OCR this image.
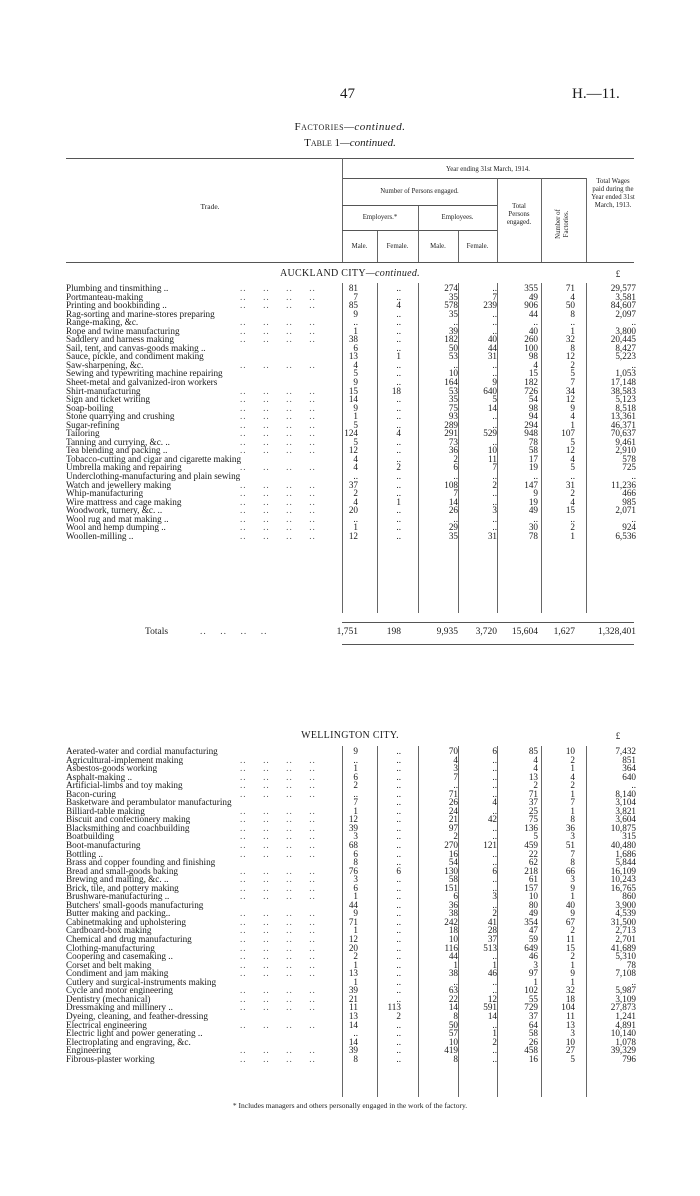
47	H.—11.
Factories—continued.
Table 1—continued.
Trade.
Year ending 31st March, 1914.
Number of Persons engaged.
Employers.*	Employees.
Male.	Female.	Male.	Female.
Total Persons engaged.	Number of Factories.
Total Wages paid during the Year ended 31st March, 1913.
AUCKLAND CITY—continued.	£
Plumbing and tinsmithing ..	..     ..     ..     ..	81	..	274	..	355	71	29,577
Portmanteau-making	..     ..     ..     ..	7	..	35	7	49	4	3,581
Printing and bookbinding ..	..     ..     ..     ..	85	4	578	239	906	50	84,607
Rag-sorting and marine-stores preparing	9	..	35	..	44	8	2,097
Range-making, &c.	..     ..     ..     ..	..	..	..	..	..	..	..
Rope and twine manufacturing	..     ..     ..     ..	1	..	39	..	40	1	3,800
Saddlery and harness making	..     ..     ..     ..	38	..	182	40	260	32	20,445
Sail, tent, and canvas-goods making ..	6	..	50	44	100	8	8,427
Sauce, pickle, and condiment making	13	1	53	31	98	12	5,223
Saw-sharpening, &c.	..     ..     ..     ..	4	..	..	..	4	2	..
Sewing and typewriting machine repairing	5	..	10	..	15	5	1,053
Sheet-metal and galvanized-iron workers	9	..	164	9	182	7	17,148
Shirt-manufacturing	..     ..     ..     ..	15	18	53	640	726	34	38,583
Sign and ticket writing	..     ..     ..     ..	14	..	35	5	54	12	5,123
Soap-boiling	..     ..     ..     ..	9	..	75	14	98	9	8,518
Stone quarrying and crushing	..     ..     ..     ..	1	..	93	..	94	4	13,361
Sugar-refining	..     ..     ..     ..	5	..	289	..	294	1	46,371
Tailoring	..     ..     ..     ..	124	4	291	529	948	107	70,637
Tanning and currying, &c. ..	..     ..     ..     ..	5	..	73	..	78	5	9,461
Tea blending and packing ..	..     ..     ..     ..	12	..	36	10	58	12	2,910
Tobacco-cutting and cigar and cigarette making	4	..	2	11	17	4	578
Umbrella making and repairing	..     ..     ..     ..	4	2	6	7	19	5	725
Underclothing-manufacturing and plain sewing	..	..	..	..	..	..	..
Watch and jewellery making	..     ..     ..     ..	37	..	108	2	147	31	11,236
Whip-manufacturing	..     ..     ..     ..	2	..	7	..	9	2	466
Wire mattress and cage making	..     ..     ..     ..	4	1	14	..	19	4	985
Woodwork, turnery, &c. ..	..     ..     ..     ..	20	..	26	3	49	15	2,071
Wool rug and mat making ..	..     ..     ..     ..	..	..	..	..	..	..	..
Wool and hemp dumping ..	..     ..     ..     ..	1	..	29	..	30	2	924
Woollen-milling ..	..     ..     ..     ..	12	..	35	31	78	1	6,536
Totals	..    ..    ..    ..	1,751	198	9,935 3,720 15,604 1,627 1,328,401
WELLINGTON CITY.	£
Aerated-water and cordial manufacturing	9	..	70	6	85	10	7,432
Agricultural-implement making	..     ..     ..     ..	..	..	4	..	4	2	851
Asbestos-goods working	..     ..     ..     ..	1	..	3	..	4	1	364
Asphalt-making ..	..     ..     ..     ..	6	..	7	..	13	4	640
Artificial-limbs and toy making	..     ..     ..     ..	2	..	..	..	2	2	..
Bacon-curing	..     ..     ..     ..	..	..	71	..	71	1	8,140
Basketware and perambulator manufacturing	7	..	26	4	37	7	3,104
Billiard-table making	..     ..     ..     ..	1	..	24	..	25	1	3,821
Biscuit and confectionery making	..     ..     ..     ..	12	..	21	42	75	8	3,604
Blacksmithing and coachbuilding	..     ..     ..     ..	39	..	97	..	136	36	10,875
Boatbuilding	..     ..     ..     ..	3	..	2	..	5	3	315
Boot-manufacturing	..     ..     ..     ..	68	..	270	121	459	51	40,480
Bottling ..	..     ..     ..     ..	6	..	16	..	22	7	1,686
Brass and copper founding and finishing	8	..	54	..	62	8	5,844
Bread and small-goods baking	..     ..     ..     ..	76	6	130	6	218	66	16,109
Brewing and malting, &c. ..	..     ..     ..     ..	3	..	58	..	61	3	10,243
Brick, tile, and pottery making	..     ..     ..     ..	6	..	151	..	157	9	16,765
Brushware-manufacturing ..	..     ..     ..     ..	1	..	6	3	10	1	860
Butchers' small-goods manufacturing	44	..	36	..	80	40	3,900
Butter making and packing..	..     ..     ..     ..	9	..	38	2	49	9	4,539
Cabinetmaking and upholstering	..     ..     ..     ..	71	..	242	41	354	67	31,500
Cardboard-box making	..     ..     ..     ..	1	..	18	28	47	2	2,713
Chemical and drug manufacturing	..     ..     ..     ..	12	..	10	37	59	11	2,701
Clothing-manufacturing	..     ..     ..     ..	20	..	116	513	649	15	41,689
Coopering and casemaking ..	..     ..     ..     ..	2	..	44	..	46	2	5,310
Corset and belt making	..     ..     ..     ..	1	..	1	1	3	1	78
Condiment and jam making	..     ..     ..     ..	13	..	38	46	97	9	7,108
Cutlery and surgical-instruments making	1	..	..	..	1	1	..
Cycle and motor engineering	..     ..     ..     ..	39	..	63	..	102	32	5,987
Dentistry (mechanical)	..     ..     ..     ..	21	..	22	12	55	18	3,109
Dressmaking and millinery ..	..     ..     ..     ..	11	113	14	591	729	104	27,873
Dyeing, cleaning, and feather-dressing	13	2	8	14	37	11	1,241
Electrical engineering	..     ..     ..     ..	14	..	50	..	64	13	4,891
Electric light and power generating ..	..	..	57	1	58	3	10,140
Electroplating and engraving, &c.	14	..	10	2	26	10	1,078
Engineering	..     ..     ..     ..	39	..	419	..	458	27	39,329
Fibrous-plaster working	..     ..     ..     ..	8	..	8	..	16	5	796
* Includes managers and others personally engaged in the work of the factory.
